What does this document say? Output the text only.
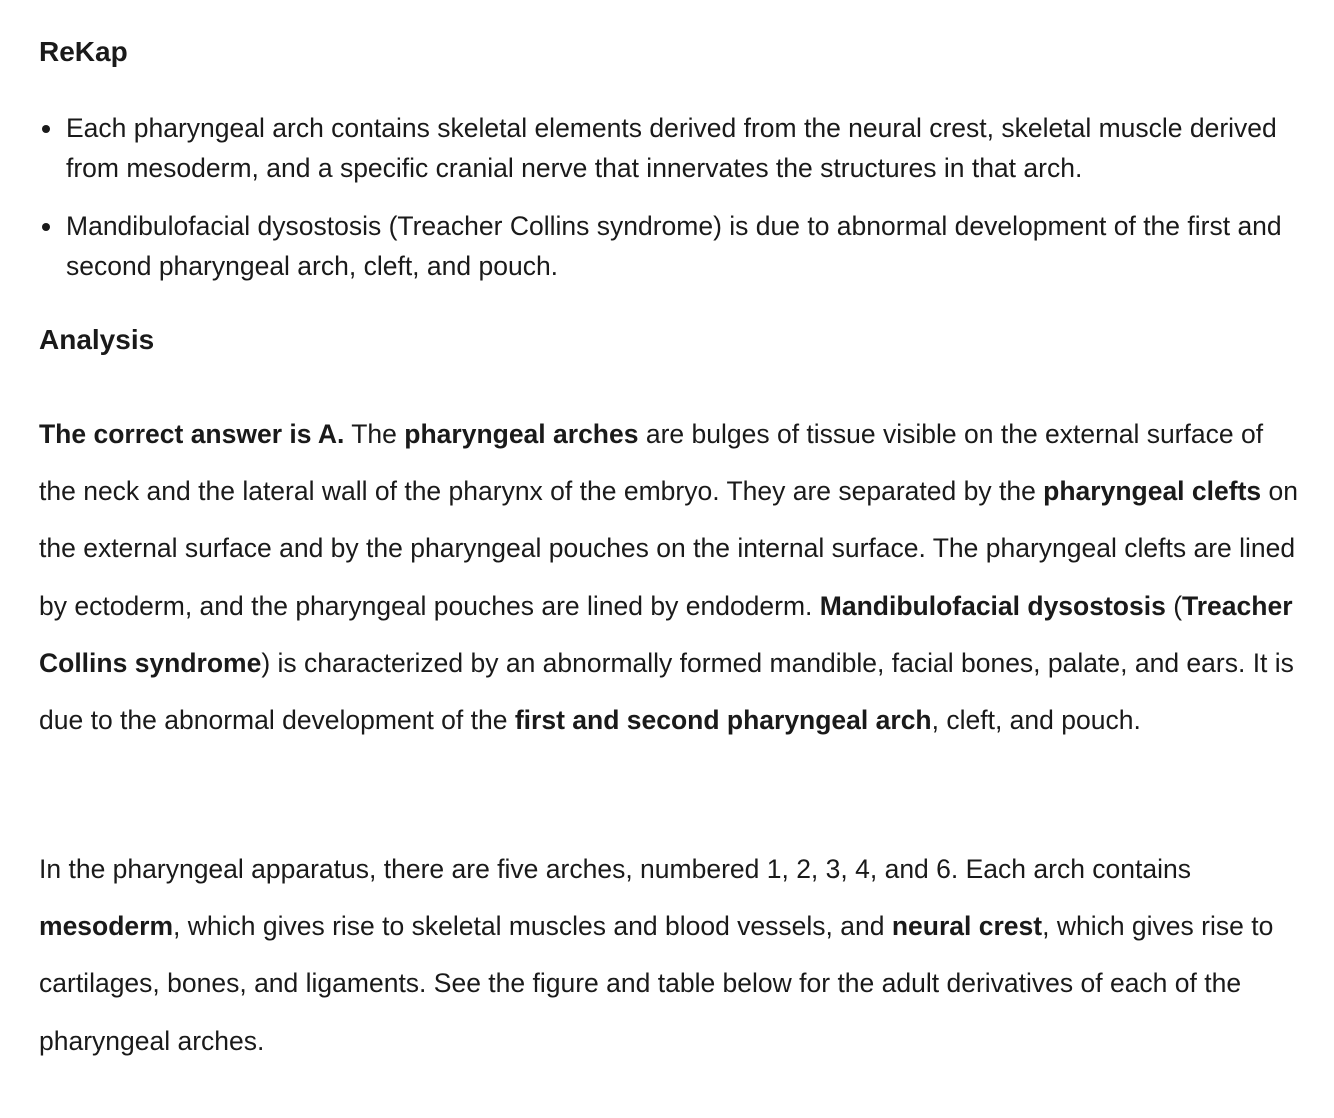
ReKap
Each pharyngeal arch contains skeletal elements derived from the neural crest, skeletal muscle derived from mesoderm, and a specific cranial nerve that innervates the structures in that arch.
Mandibulofacial dysostosis (Treacher Collins syndrome) is due to abnormal development of the first and second pharyngeal arch, cleft, and pouch.
Analysis

The correct answer is A. The pharyngeal arches are bulges of tissue visible on the external surface of the neck and the lateral wall of the pharynx of the embryo. They are separated by the pharyngeal clefts on the external surface and by the pharyngeal pouches on the internal surface. The pharyngeal clefts are lined by ectoderm, and the pharyngeal pouches are lined by endoderm. Mandibulofacial dysostosis (Treacher Collins syndrome) is characterized by an abnormally formed mandible, facial bones, palate, and ears. It is due to the abnormal development of the first and second pharyngeal arch, cleft, and pouch.

In the pharyngeal apparatus, there are five arches, numbered 1, 2, 3, 4, and 6. Each arch contains mesoderm, which gives rise to skeletal muscles and blood vessels, and neural crest, which gives rise to cartilages, bones, and ligaments. See the figure and table below for the adult derivatives of each of the pharyngeal arches.
